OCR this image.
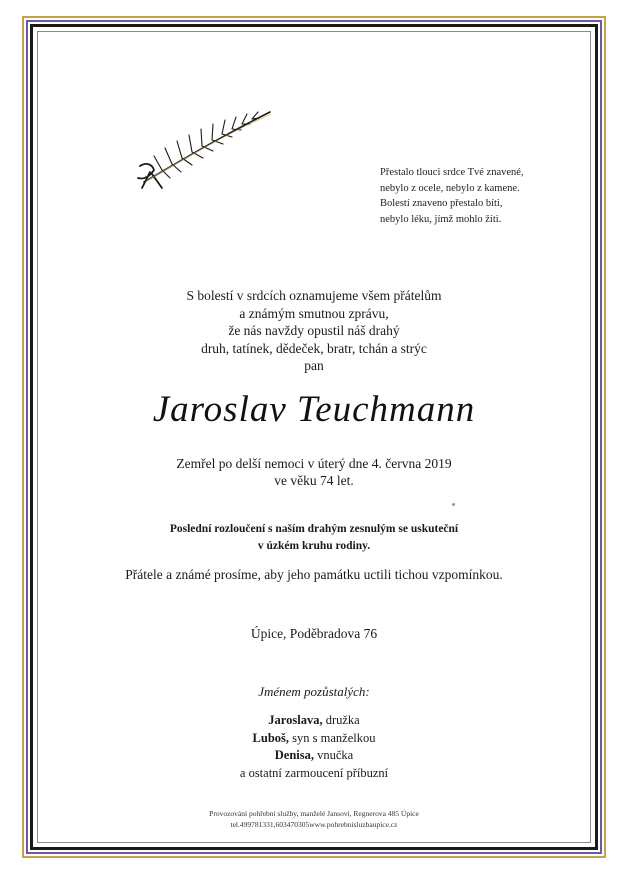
Přestalo tlouci srdce Tvé znavené,
nebylo z ocele, nebylo z kamene.
Bolestí znaveno přestalo bíti,
nebylo léku, jímž mohlo žíti.
S bolestí v srdcích oznamujeme všem přátelům
a známým smutnou zprávu,
že nás navždy opustil náš drahý
druh, tatínek, dědeček, bratr, tchán a strýc
pan
Jaroslav Teuchmann
Zemřel po delší nemoci v úterý dne 4. června 2019
ve věku 74 let.
Poslední rozloučení s naším drahým zesnulým se uskuteční
v úzkém kruhu rodiny.
Přátele a známé prosíme, aby jeho památku uctili tichou vzpomínkou.
Úpice, Poděbradova 76
Jménem pozůstalých:
Jaroslava, družka
Luboš, syn s manželkou
Denisa, vnučka
a ostatní zarmoucení příbuzní
Provozování pohřební služby, manželé Jansovi, Regnerova 485 Úpice
tel.499781331,603470305www.pohrebnisluzbaupice.cz
